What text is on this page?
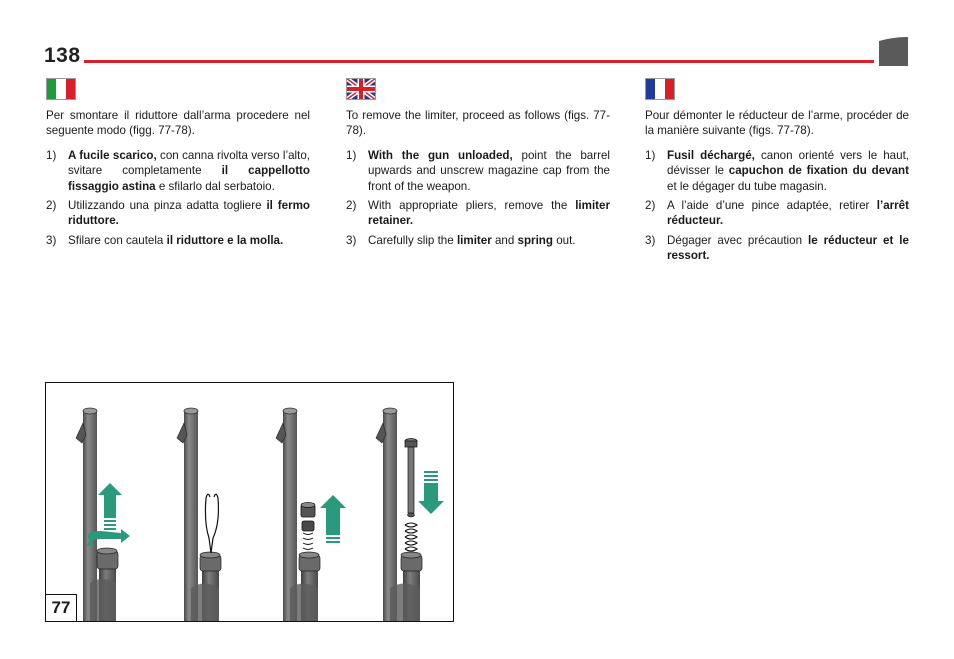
138

Per smontare il riduttore dall’arma procedere nel seguente modo (figg. 77-78).

1) A fucile scarico, con canna rivolta verso l’alto, svitare completamente il cappellotto fissaggio astina e sfilarlo dal serbatoio.
2) Utilizzando una pinza adatta togliere il fermo riduttore.
3) Sfilare con cautela il riduttore e la molla.

To remove the limiter, proceed as follows (figs. 77-78).

1) With the gun unloaded, point the barrel upwards and unscrew magazine cap from the front of the weapon.
2) With appropriate pliers, remove the limiter retainer.
3) Carefully slip the limiter and spring out.

Pour démonter le réducteur de l’arme, procéder de la manière suivante (figs. 77-78).

1) Fusil déchargé, canon orienté vers le haut, dévisser le capuchon de fixation du devant et le dégager du tube magasin.
2) A l’aide d’une pince adaptée, retirer l’arrêt réducteur.
3) Dégager avec précaution le réducteur et le ressort.
77
